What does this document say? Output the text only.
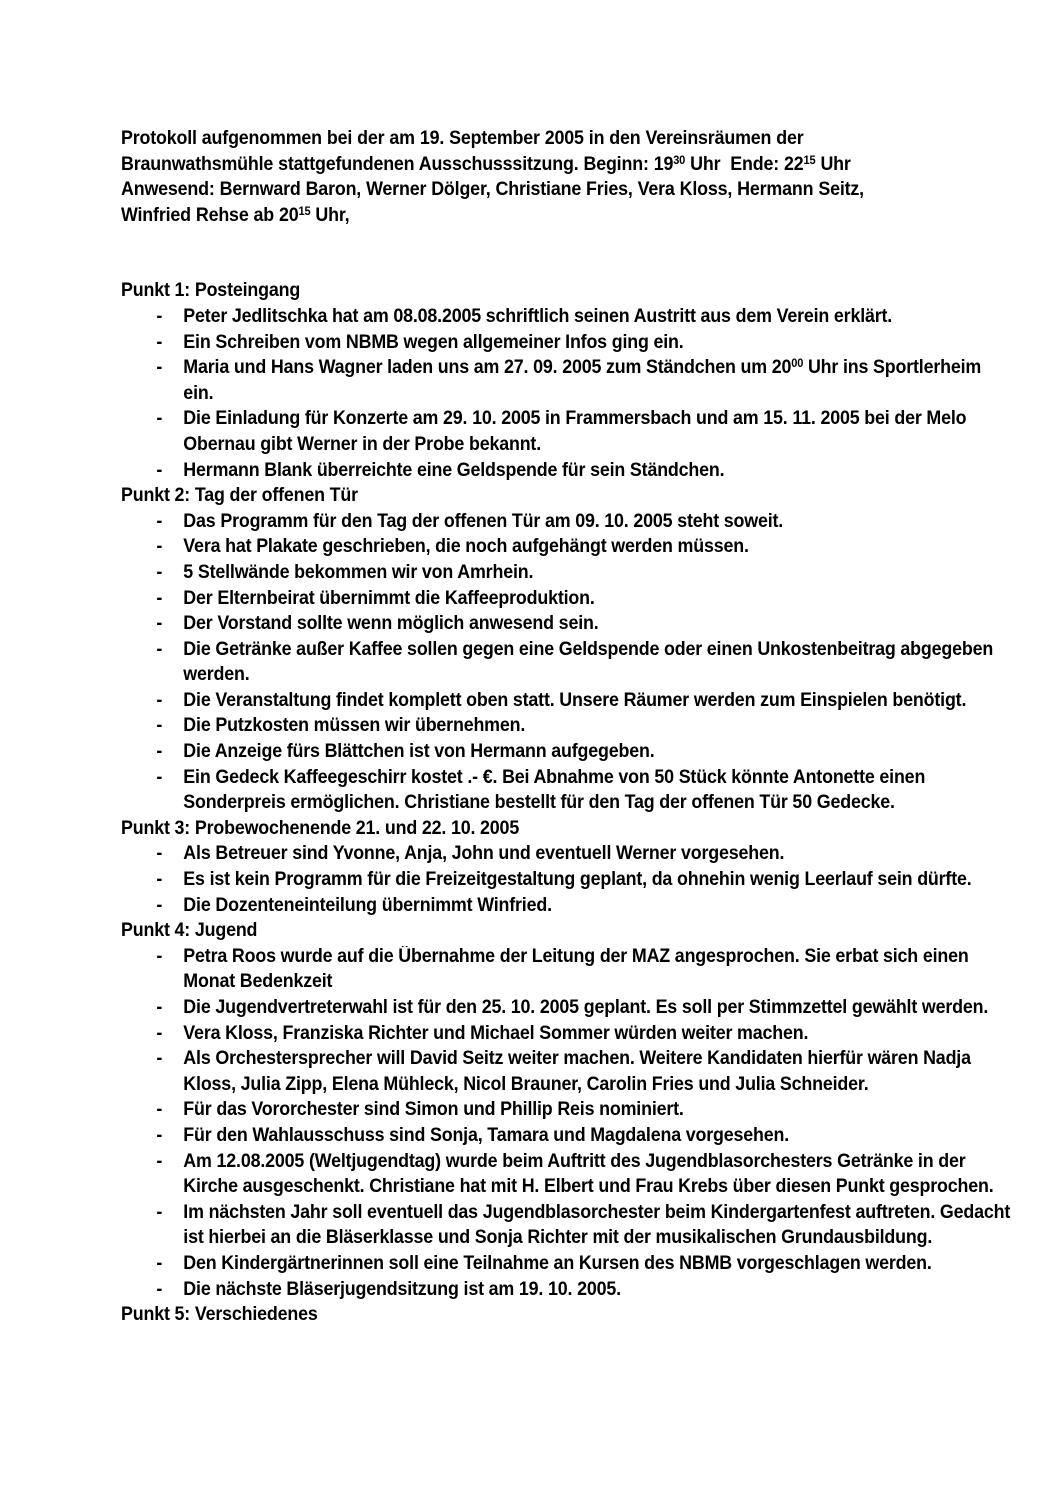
Protokoll aufgenommen bei der am 19. September 2005 in den Vereinsräumen der

Braunwathsmühle stattgefundenen Ausschusssitzung. Beginn: $19^{30}$ Uhr  Ende: $22^{15}$ Uhr

Anwesend: Bernward Baron, Werner Dölger, Christiane Fries, Vera Kloss, Hermann Seitz,

Winfried Rehse ab $20^{15}$ Uhr,

Punkt 1: Posteingang
- Peter Jedlitschka hat am 08.08.2005 schriftlich seinen Austritt aus dem Verein erklärt.
- Ein Schreiben vom NBMB wegen allgemeiner Infos ging ein.
- Maria und Hans Wagner laden uns am 27. 09. 2005 zum Ständchen um $20^{00}$ Uhr ins Sportlerheim ein.
- Die Einladung für Konzerte am 29. 10. 2005 in Frammersbach und am 15. 11. 2005 bei der Melo Obernau gibt Werner in der Probe bekannt.
- Hermann Blank überreichte eine Geldspende für sein Ständchen.
Punkt 2: Tag der offenen Tür
- Das Programm für den Tag der offenen Tür am 09. 10. 2005 steht soweit.
- Vera hat Plakate geschrieben, die noch aufgehängt werden müssen.
- 5 Stellwände bekommen wir von Amrhein.
- Der Elternbeirat übernimmt die Kaffeeproduktion.
- Der Vorstand sollte wenn möglich anwesend sein.
- Die Getränke außer Kaffee sollen gegen eine Geldspende oder einen Unkostenbeitrag abgegeben werden.
- Die Veranstaltung findet komplett oben statt. Unsere Räumer werden zum Einspielen benötigt.
- Die Putzkosten müssen wir übernehmen.
- Die Anzeige fürs Blättchen ist von Hermann aufgegeben.
- Ein Gedeck Kaffeegeschirr kostet .- €. Bei Abnahme von 50 Stück könnte Antonette einen Sonderpreis ermöglichen. Christiane bestellt für den Tag der offenen Tür 50 Gedecke.
Punkt 3: Probewochenende 21. und 22. 10. 2005
- Als Betreuer sind Yvonne, Anja, John und eventuell Werner vorgesehen.
- Es ist kein Programm für die Freizeitgestaltung geplant, da ohnehin wenig Leerlauf sein dürfte.
- Die Dozenteneinteilung übernimmt Winfried.
Punkt 4: Jugend
- Petra Roos wurde auf die Übernahme der Leitung der MAZ angesprochen. Sie erbat sich einen Monat Bedenkzeit
- Die Jugendvertreterwahl ist für den 25. 10. 2005 geplant. Es soll per Stimmzettel gewählt werden.
- Vera Kloss, Franziska Richter und Michael Sommer würden weiter machen.
- Als Orchestersprecher will David Seitz weiter machen. Weitere Kandidaten hierfür wären Nadja Kloss, Julia Zipp, Elena Mühleck, Nicol Brauner, Carolin Fries und Julia Schneider.
- Für das Vororchester sind Simon und Phillip Reis nominiert.
- Für den Wahlausschuss sind Sonja, Tamara und Magdalena vorgesehen.
- Am 12.08.2005 (Weltjugendtag) wurde beim Auftritt des Jugendblasorchesters Getränke in der Kirche ausgeschenkt. Christiane hat mit H. Elbert und Frau Krebs über diesen Punkt gesprochen.
- Im nächsten Jahr soll eventuell das Jugendblasorchester beim Kindergartenfest auftreten. Gedacht ist hierbei an die Bläserklasse und Sonja Richter mit der musikalischen Grundausbildung.
- Den Kindergärtnerinnen soll eine Teilnahme an Kursen des NBMB vorgeschlagen werden.
- Die nächste Bläserjugendsitzung ist am 19. 10. 2005.
Punkt 5: Verschiedenes
